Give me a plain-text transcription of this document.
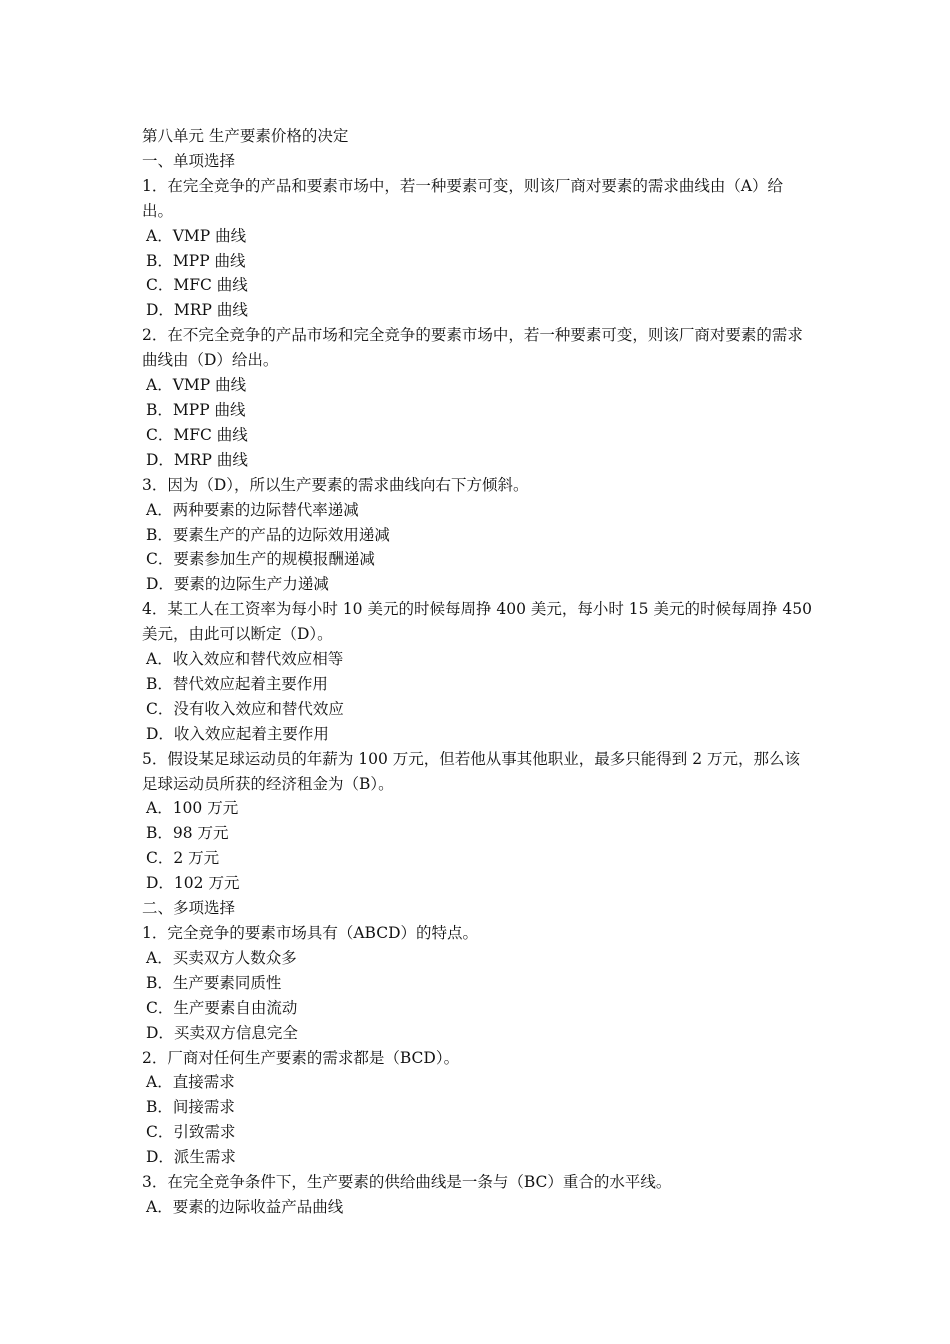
第八单元 生产要素价格的决定
一、单项选择
1．在完全竞争的产品和要素市场中，若一种要素可变，则该厂商对要素的需求曲线由（A）给出。
A．VMP 曲线
B．MPP 曲线
C．MFC 曲线
D．MRP 曲线
2．在不完全竞争的产品市场和完全竞争的要素市场中，若一种要素可变，则该厂商对要素的需求曲线由（D）给出。
A．VMP 曲线
B．MPP 曲线
C．MFC 曲线
D．MRP 曲线
3．因为（D），所以生产要素的需求曲线向右下方倾斜。
A．两种要素的边际替代率递减
B．要素生产的产品的边际效用递减
C．要素参加生产的规模报酬递减
D．要素的边际生产力递减
4．某工人在工资率为每小时 10 美元的时候每周挣 400 美元，每小时 15 美元的时候每周挣 450 美元，由此可以断定（D）。
A．收入效应和替代效应相等
B．替代效应起着主要作用
C．没有收入效应和替代效应
D．收入效应起着主要作用
5．假设某足球运动员的年薪为 100 万元，但若他从事其他职业，最多只能得到 2 万元，那么该足球运动员所获的经济租金为（B）。
A．100 万元
B．98 万元
C．2 万元
D．102 万元
二、多项选择
1．完全竞争的要素市场具有（ABCD）的特点。
A．买卖双方人数众多
B．生产要素同质性
C．生产要素自由流动
D．买卖双方信息完全
2．厂商对任何生产要素的需求都是（BCD）。
A．直接需求
B．间接需求
C．引致需求
D．派生需求
3．在完全竞争条件下，生产要素的供给曲线是一条与（BC）重合的水平线。
A．要素的边际收益产品曲线
